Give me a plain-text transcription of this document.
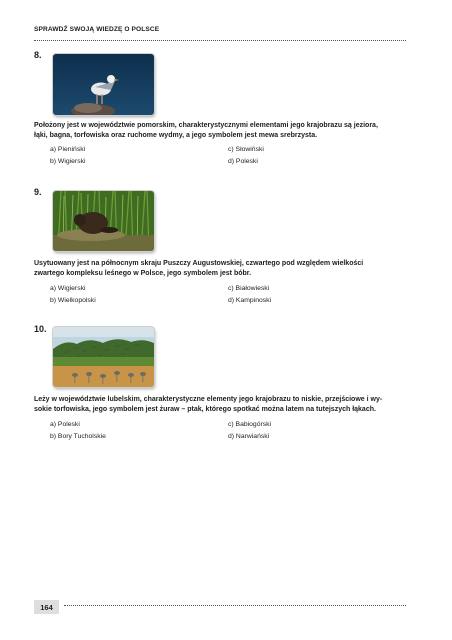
SPRAWDŹ SWOJĄ WIEDZĘ O POLSCE
8.
Położony jest w województwie pomorskim, charakterystycznymi elementami jego krajobrazu są jeziora,
łąki, bagna, torfowiska oraz ruchome wydmy, a jego symbolem jest mewa srebrzysta.
a) Pieniński
b) Wigierski
c) Słowiński
d) Poleski
9.
Usytuowany jest na północnym skraju Puszczy Augustowskiej, czwartego pod względem wielkości
zwartego kompleksu leśnego w Polsce, jego symbolem jest bóbr.
a) Wigierski
b) Wielkopolski
c) Białowieski
d) Kampinoski
10.
Leży w województwie lubelskim, charakterystyczne elementy jego krajobrazu to niskie, przejściowe i wy-
sokie torfowiska, jego symbolem jest żuraw – ptak, którego spotkać można latem na tutejszych łąkach.
a) Poleski
b) Bory Tucholskie
c) Babiogórski
d) Narwiański
164
